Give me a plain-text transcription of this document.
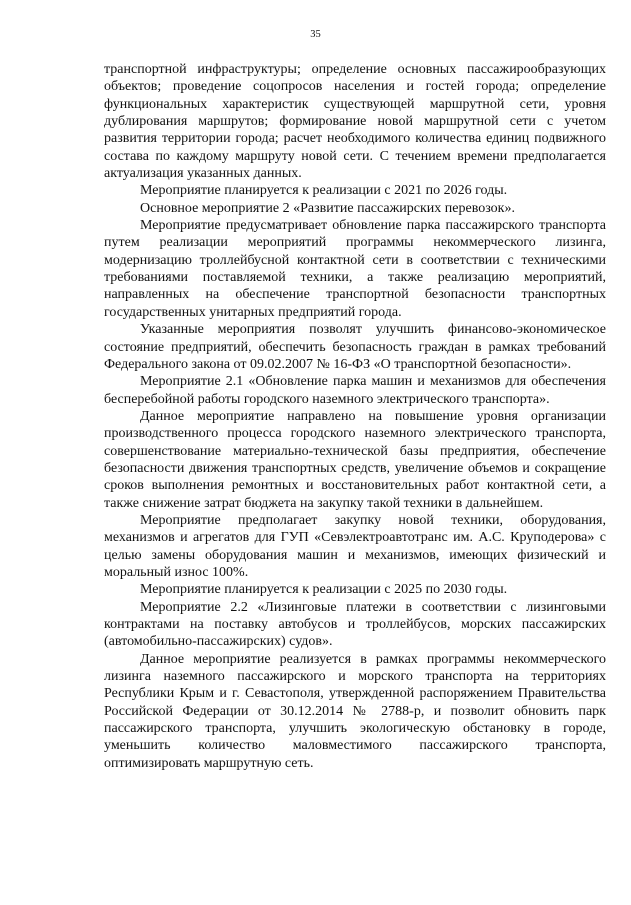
35

транспортной инфраструктуры; определение основных пассажирообразующих объектов; проведение соцопросов населения и гостей города; определение функциональных характеристик существующей маршрутной сети, уровня дублирования маршрутов; формирование новой маршрутной сети с учетом развития территории города; расчет необходимого количества единиц подвижного состава по каждому маршруту новой сети. С течением времени предполагается актуализация указанных данных.

Мероприятие планируется к реализации с 2021 по 2026 годы.

Основное мероприятие 2 «Развитие пассажирских перевозок».

Мероприятие предусматривает обновление парка пассажирского транспорта путем реализации мероприятий программы некоммерческого лизинга, модернизацию троллейбусной контактной сети в соответствии с техническими требованиями поставляемой техники, а также реализацию мероприятий, направленных на обеспечение транспортной безопасности транспортных государственных унитарных предприятий города.

Указанные мероприятия позволят улучшить финансово-экономическое состояние предприятий, обеспечить безопасность граждан в рамках требований Федерального закона от 09.02.2007 № 16-ФЗ «О транспортной безопасности».

Мероприятие 2.1 «Обновление парка машин и механизмов для обеспечения бесперебойной работы городского наземного электрического транспорта».

Данное мероприятие направлено на повышение уровня организации производственного процесса городского наземного электрического транспорта, совершенствование материально-технической базы предприятия, обеспечение безопасности движения транспортных средств, увеличение объемов и сокращение сроков выполнения ремонтных и восстановительных работ контактной сети, а также снижение затрат бюджета на закупку такой техники в дальнейшем.

Мероприятие предполагает закупку новой техники, оборудования, механизмов и агрегатов для ГУП «Севэлектроавтотранс им. А.С. Круподерова» с целью замены оборудования машин и механизмов, имеющих физический и моральный износ 100%.

Мероприятие планируется к реализации с 2025 по 2030 годы.

Мероприятие 2.2 «Лизинговые платежи в соответствии с лизинговыми контрактами на поставку автобусов и троллейбусов, морских пассажирских (автомобильно-пассажирских) судов».

Данное мероприятие реализуется в рамках программы некоммерческого лизинга наземного пассажирского и морского транспорта на территориях Республики Крым и г. Севастополя, утвержденной распоряжением Правительства Российской Федерации от 30.12.2014 № 2788-р, и позволит обновить парк пассажирского транспорта, улучшить экологическую обстановку в городе, уменьшить количество маловместимого пассажирского транспорта, оптимизировать маршрутную сеть.
